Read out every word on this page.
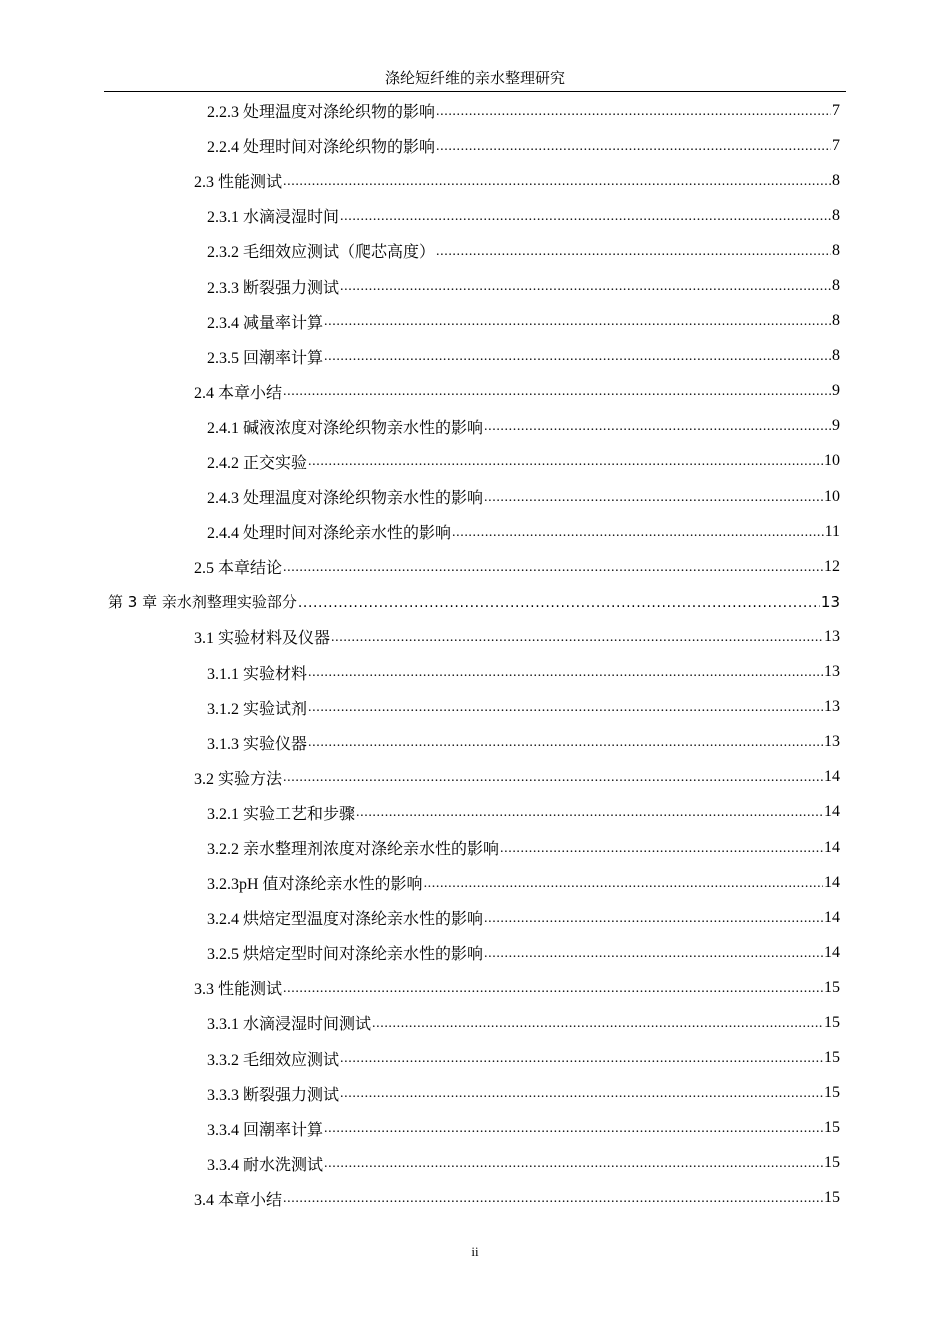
涤纶短纤维的亲水整理研究
2.2.3 处理温度对涤纶织物的影响 .....	7
2.2.4 处理时间对涤纶织物的影响 .....	7
2.3 性能测试 .....	8
2.3.1 水滴浸湿时间 .....	8
2.3.2 毛细效应测试（爬芯高度） .....	8
2.3.3 断裂强力测试 .....	8
2.3.4 减量率计算 .....	8
2.3.5 回潮率计算 .....	8
2.4 本章小结 .....	9
2.4.1 碱液浓度对涤纶织物亲水性的影响 .....	9
2.4.2 正交实验 .....	10
2.4.3 处理温度对涤纶织物亲水性的影响 .....	10
2.4.4 处理时间对涤纶亲水性的影响 .....	11
2.5 本章结论 .....	12
第 3 章 亲水剂整理实验部分 .....	13
3.1 实验材料及仪器 .....	13
3.1.1 实验材料 .....	13
3.1.2 实验试剂 .....	13
3.1.3 实验仪器 .....	13
3.2 实验方法 .....	14
3.2.1 实验工艺和步骤 .....	14
3.2.2 亲水整理剂浓度对涤纶亲水性的影响 .....	14
3.2.3pH 值对涤纶亲水性的影响 .....	14
3.2.4 烘焙定型温度对涤纶亲水性的影响 .....	14
3.2.5 烘焙定型时间对涤纶亲水性的影响 .....	14
3.3 性能测试 .....	15
3.3.1 水滴浸湿时间测试 .....	15
3.3.2 毛细效应测试 .....	15
3.3.3 断裂强力测试 .....	15
3.3.4 回潮率计算 .....	15
3.3.4 耐水洗测试 .....	15
3.4 本章小结 .....	15
ii
